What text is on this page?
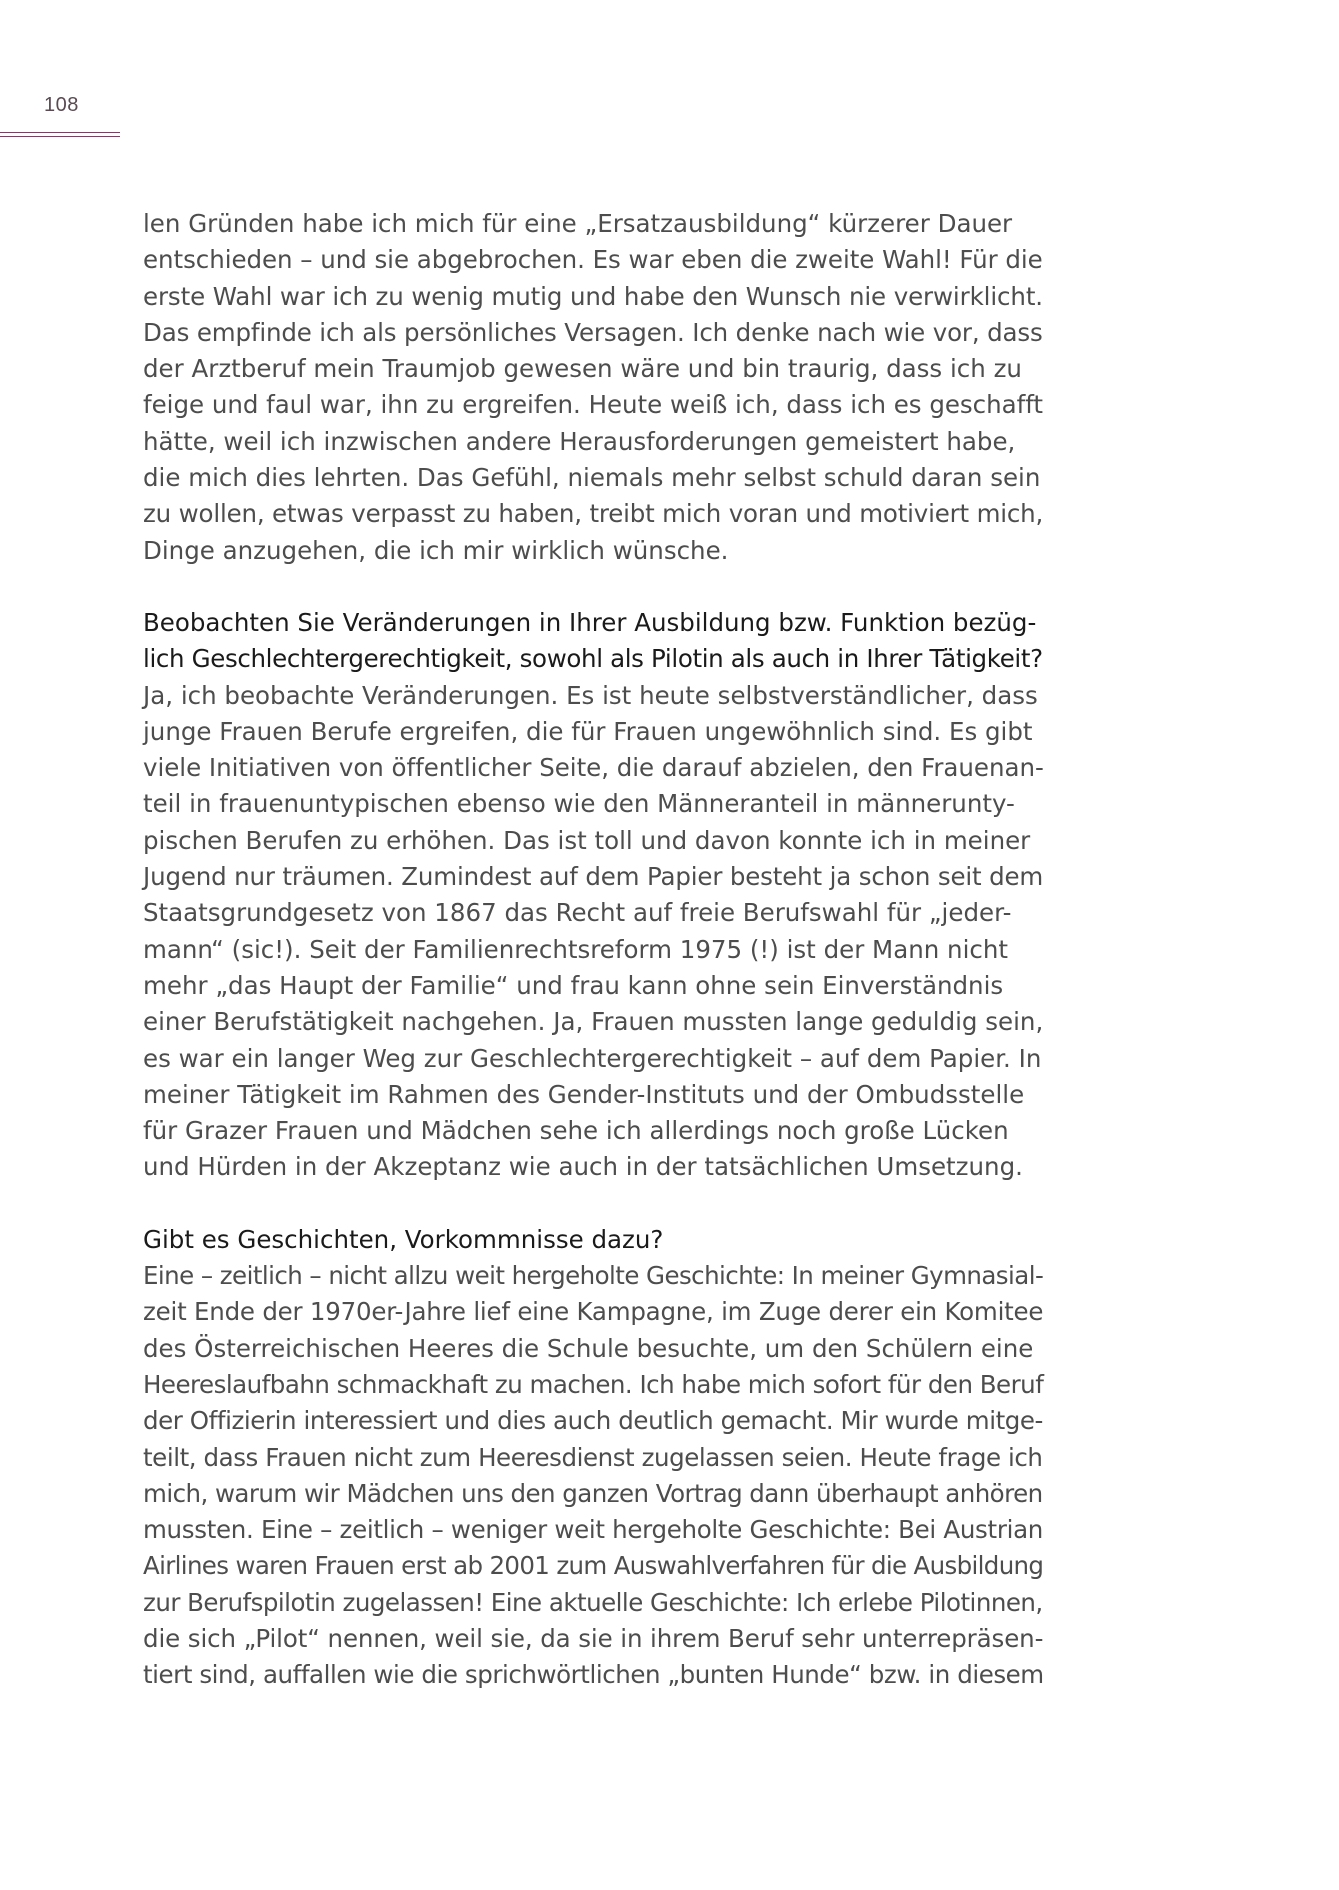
108

len Gründen habe ich mich für eine „Ersatzausbildung“ kürzerer Dauer
entschieden – und sie abgebrochen. Es war eben die zweite Wahl! Für die
erste Wahl war ich zu wenig mutig und habe den Wunsch nie verwirklicht.
Das empfinde ich als persönliches Versagen. Ich denke nach wie vor, dass
der Arztberuf mein Traumjob gewesen wäre und bin traurig, dass ich zu
feige und faul war, ihn zu ergreifen. Heute weiß ich, dass ich es geschafft
hätte, weil ich inzwischen andere Herausforderungen gemeistert habe,
die mich dies lehrten. Das Gefühl, niemals mehr selbst schuld daran sein
zu wollen, etwas verpasst zu haben, treibt mich voran und motiviert mich,
Dinge anzugehen, die ich mir wirklich wünsche.

Beobachten Sie Veränderungen in Ihrer Ausbildung bzw. Funktion bezüg-
lich Geschlechtergerechtigkeit, sowohl als Pilotin als auch in Ihrer Tätigkeit?

Ja, ich beobachte Veränderungen. Es ist heute selbstverständlicher, dass
junge Frauen Berufe ergreifen, die für Frauen ungewöhnlich sind. Es gibt
viele Initiativen von öffentlicher Seite, die darauf abzielen, den Frauenan-
teil in frauenuntypischen ebenso wie den Männeranteil in männerunty-
pischen Berufen zu erhöhen. Das ist toll und davon konnte ich in meiner
Jugend nur träumen. Zumindest auf dem Papier besteht ja schon seit dem
Staatsgrundgesetz von 1867 das Recht auf freie Berufswahl für „jeder-
mann“ (sic!). Seit der Familienrechtsreform 1975 (!) ist der Mann nicht
mehr „das Haupt der Familie“ und frau kann ohne sein Einverständnis
einer Berufstätigkeit nachgehen. Ja, Frauen mussten lange geduldig sein,
es war ein langer Weg zur Geschlechtergerechtigkeit – auf dem Papier. In
meiner Tätigkeit im Rahmen des Gender-Instituts und der Ombudsstelle
für Grazer Frauen und Mädchen sehe ich allerdings noch große Lücken
und Hürden in der Akzeptanz wie auch in der tatsächlichen Umsetzung.

Gibt es Geschichten, Vorkommnisse dazu?

Eine – zeitlich – nicht allzu weit hergeholte Geschichte: In meiner Gymnasial-
zeit Ende der 1970er-Jahre lief eine Kampagne, im Zuge derer ein Komitee
des Österreichischen Heeres die Schule besuchte, um den Schülern eine
Heereslaufbahn schmackhaft zu machen. Ich habe mich sofort für den Beruf
der Offizierin interessiert und dies auch deutlich gemacht. Mir wurde mitge-
teilt, dass Frauen nicht zum Heeresdienst zugelassen seien. Heute frage ich
mich, warum wir Mädchen uns den ganzen Vortrag dann überhaupt anhören
mussten. Eine – zeitlich – weniger weit hergeholte Geschichte: Bei Austrian
Airlines waren Frauen erst ab 2001 zum Auswahlverfahren für die Ausbildung
zur Berufspilotin zugelassen! Eine aktuelle Geschichte: Ich erlebe Pilotinnen,
die sich „Pilot“ nennen, weil sie, da sie in ihrem Beruf sehr unterrepräsen-
tiert sind, auffallen wie die sprichwörtlichen „bunten Hunde“ bzw. in diesem
